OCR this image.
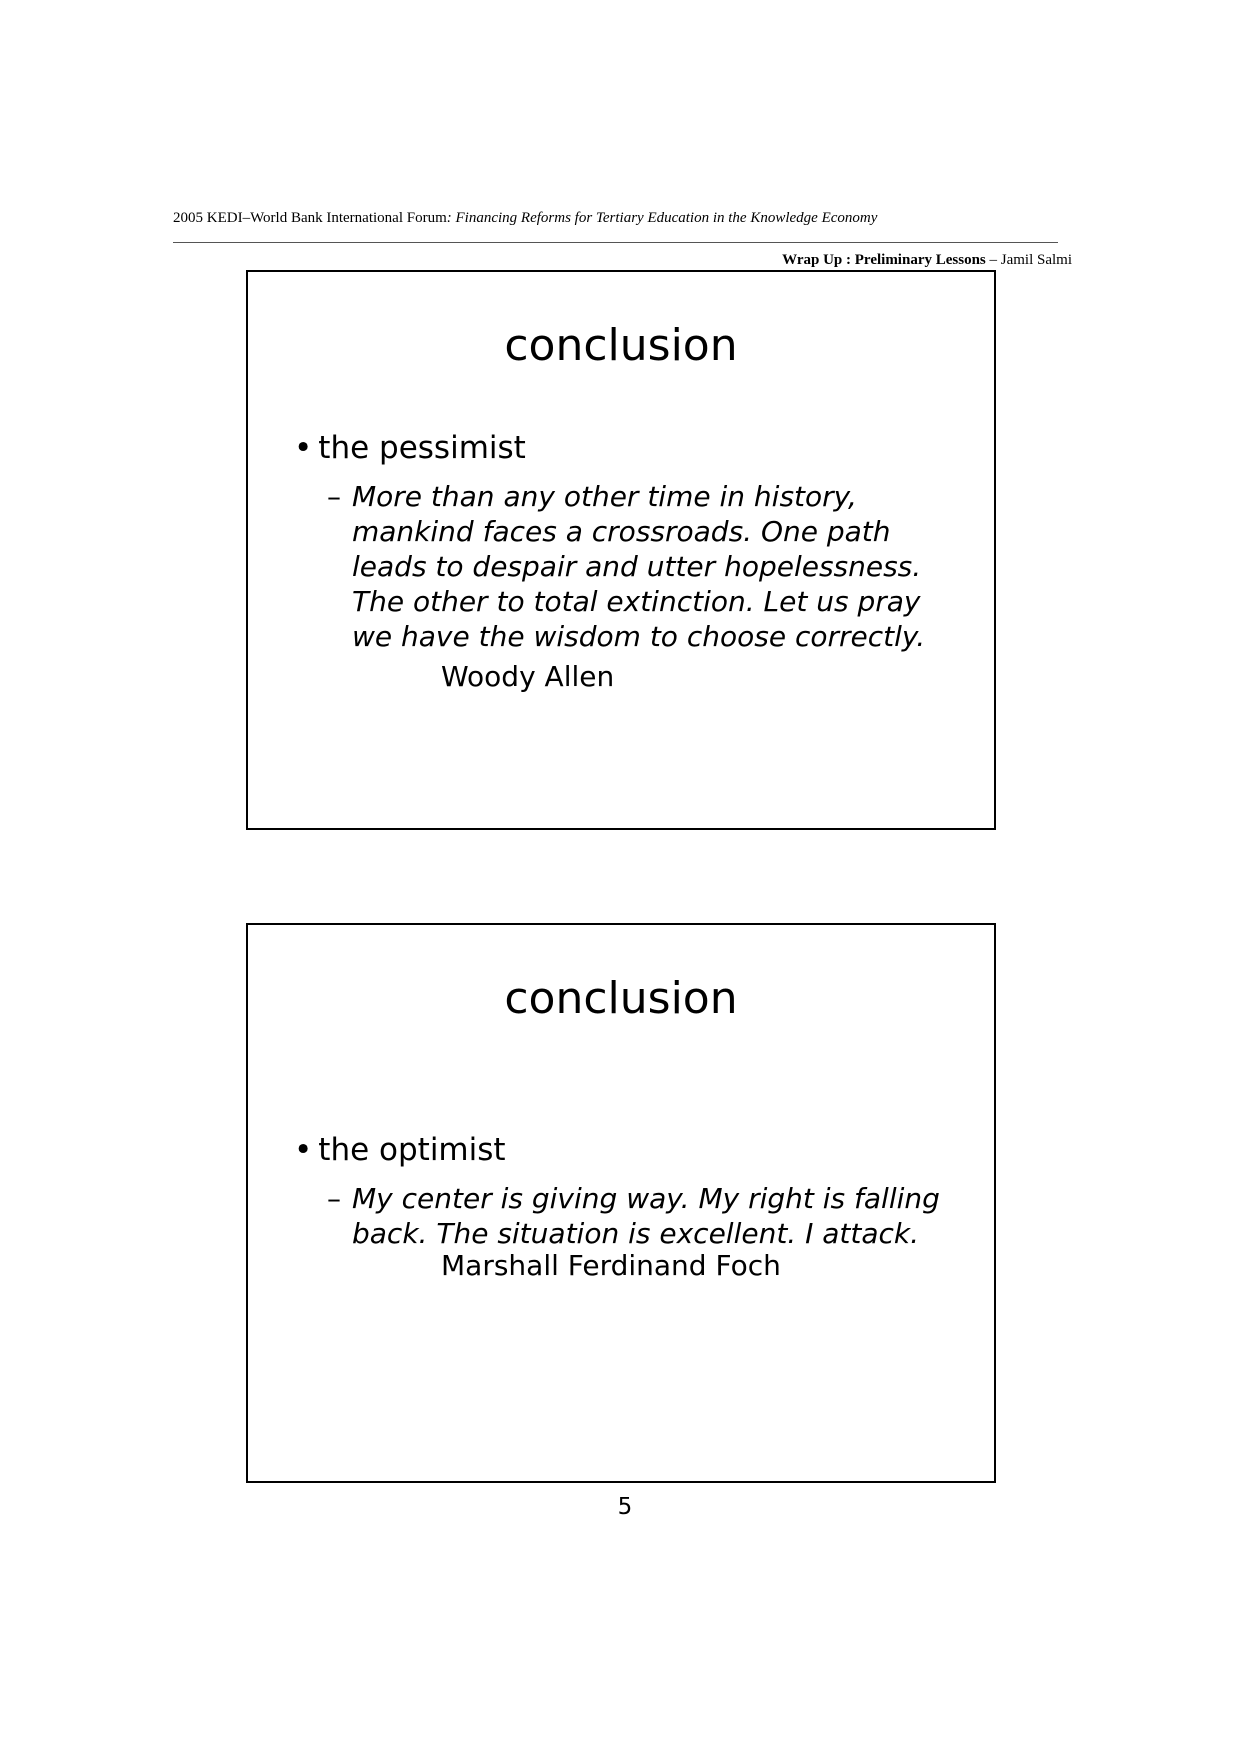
2005 KEDI–World Bank International Forum: Financing Reforms for Tertiary Education in the Knowledge Economy
Wrap Up : Preliminary Lessons – Jamil Salmi
conclusion
• the pessimist
– More than any other time in history, mankind faces a crossroads. One path leads to despair and utter hopelessness. The other to total extinction. Let us pray we have the wisdom to choose correctly.
Woody Allen
conclusion
• the optimist
– My center is giving way. My right is falling back. The situation is excellent. I attack.
Marshall Ferdinand Foch
5
